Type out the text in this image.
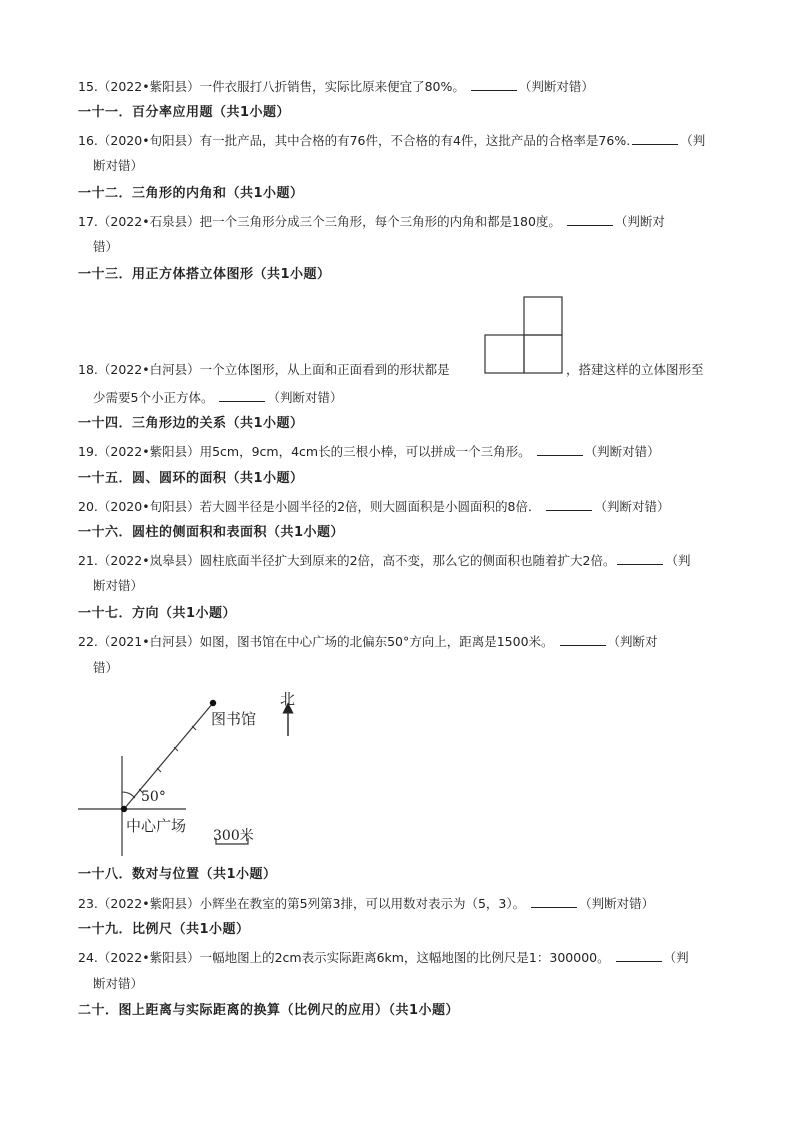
15.（2022•紫阳县）一件衣服打八折销售，实际比原来便宜了80%。	（判断对错）
一十一．百分率应用题（共1小题）
16.（2020•旬阳县）有一批产品，其中合格的有76件，不合格的有4件，这批产品的合格率是76%.	（判
断对错）
一十二．三角形的内角和（共1小题）
17.（2022•石泉县）把一个三角形分成三个三角形，每个三角形的内角和都是180度。	（判断对
错）
一十三．用正方体搭立体图形（共1小题）
18.（2022•白河县）一个立体图形，从上面和正面看到的形状都是	，搭建这样的立体图形至
少需要5个小正方体。	（判断对错）
一十四．三角形边的关系（共1小题）
19.（2022•紫阳县）用5cm，9cm，4cm长的三根小棒，可以拼成一个三角形。	（判断对错）
一十五．圆、圆环的面积（共1小题）
20.（2020•旬阳县）若大圆半径是小圆半径的2倍，则大圆面积是小圆面积的8倍．	（判断对错）
一十六．圆柱的侧面积和表面积（共1小题）
21.（2022•岚皋县）圆柱底面半径扩大到原来的2倍，高不变，那么它的侧面积也随着扩大2倍。	（判
断对错）
一十七．方向（共1小题）
22.（2021•白河县）如图，图书馆在中心广场的北偏东50°方向上，距离是1500米。	（判断对
错）
图书馆
北
50°
中心广场
300米
一十八．数对与位置（共1小题）
23.（2022•紫阳县）小辉坐在教室的第5列第3排，可以用数对表示为（5，3）。	（判断对错）
一十九．比例尺（共1小题）
24.（2022•紫阳县）一幅地图上的2cm表示实际距离6km，这幅地图的比例尺是1：300000。	（判
断对错）
二十．图上距离与实际距离的换算（比例尺的应用）（共1小题）
